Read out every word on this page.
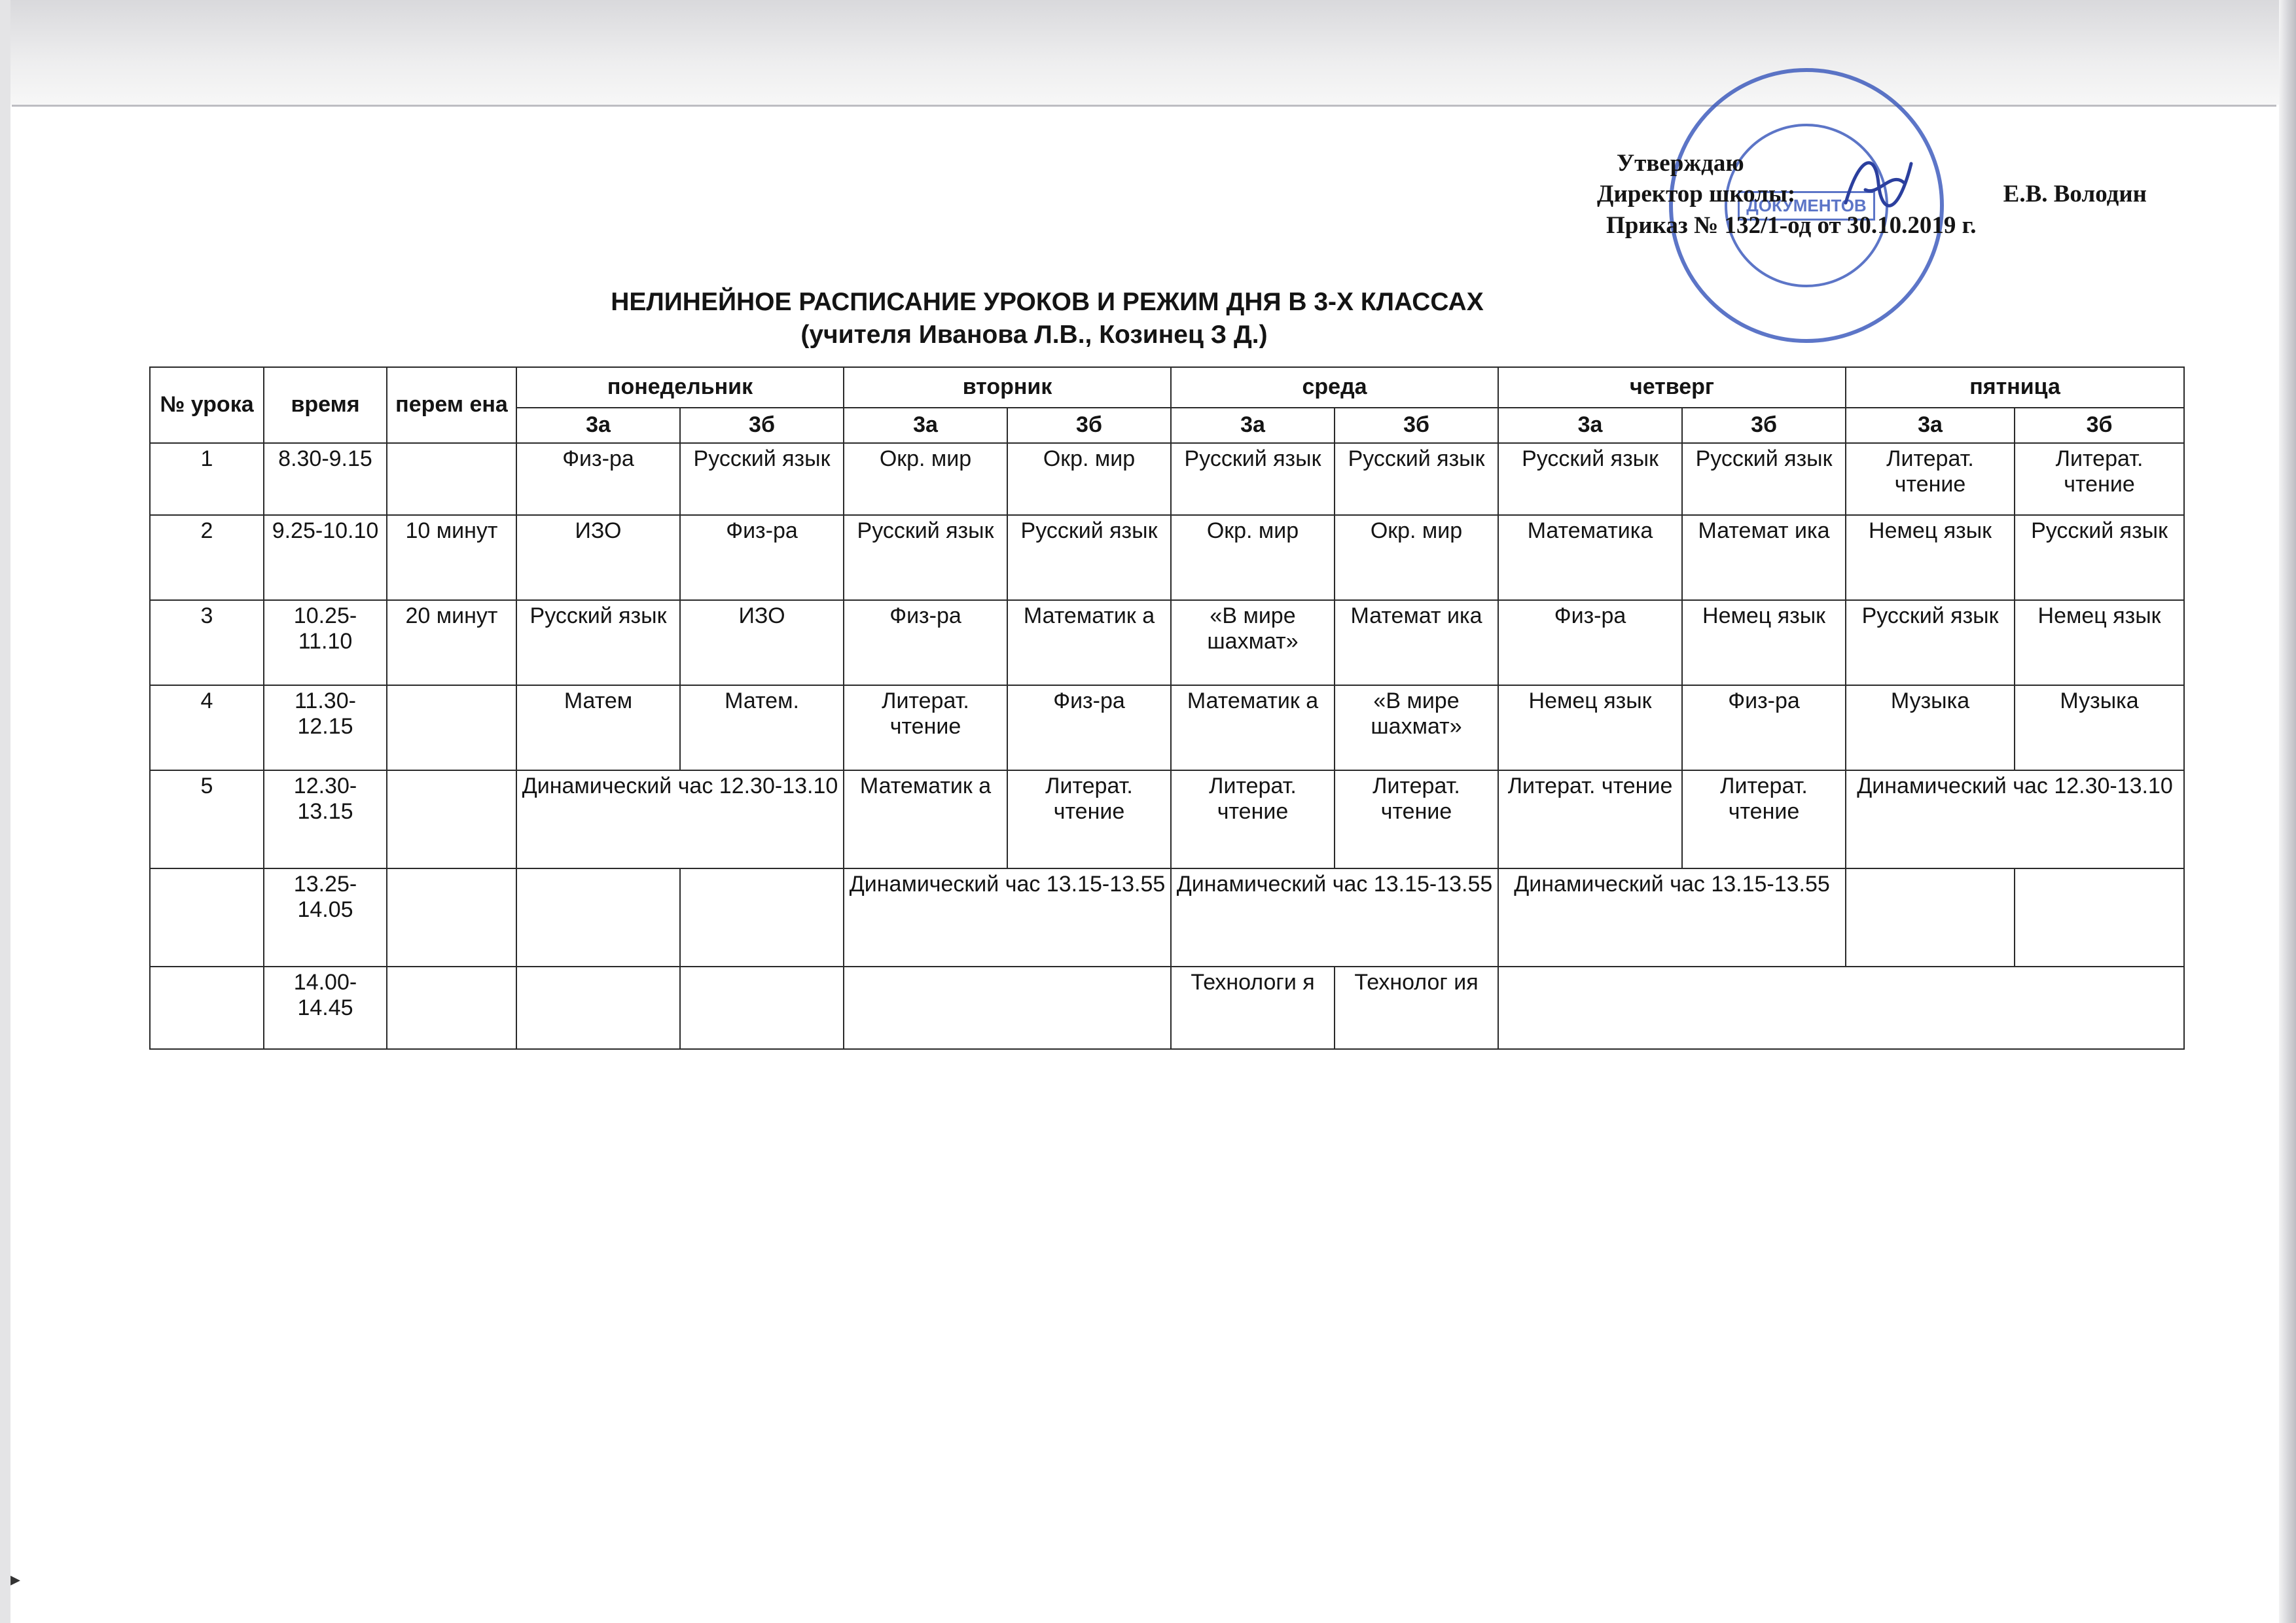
ДОКУМЕНТОВ
Утверждаю
Директор школы:	Е.В. Володин
Приказ № 132/1-од от 30.10.2019 г.
НЕЛИНЕЙНОЕ РАСПИСАНИЕ УРОКОВ И РЕЖИМ ДНЯ В 3-Х КЛАССАХ
(учителя Иванова Л.В., Козинец З Д.)
№ урока	время	перем ена	понедельник		вторник		среда		четверг		пятница	
			3а	3б	3а	3б	3а	3б	3а	3б	3а	3б
1	8.30-9.15		Физ-ра	Русский язык	Окр. мир	Окр. мир	Русский язык	Русский язык	Русский язык	Русский язык	Литерат. чтение	Литерат. чтение
2	9.25-10.10	10 минут	ИЗО	Физ-ра	Русский язык	Русский язык	Окр. мир	Окр. мир	Математика	Математ ика	Немец язык	Русский язык
3	10.25-11.10	20 минут	Русский язык	ИЗО	Физ-ра	Математик а	«В мире шахмат»	Математ ика	Физ-ра	Немец язык	Русский язык	Немец язык
4	11.30-12.15		Матем	Матем.	Литерат. чтение	Физ-ра	Математик а	«В мире шахмат»	Немец язык	Физ-ра	Музыка	Музыка
5	12.30-13.15		Динамический час 12.30-13.10		Математик а	Литерат. чтение	Литерат. чтение	Литерат. чтение	Литерат. чтение	Литерат. чтение	Динамический час 12.30-13.10	
	13.25-14.05				Динамический час 13.15-13.55		Динамический час 13.15-13.55		Динамический час 13.15-13.55			
	14.00-14.45						Технологи я	Технолог ия				
▸
